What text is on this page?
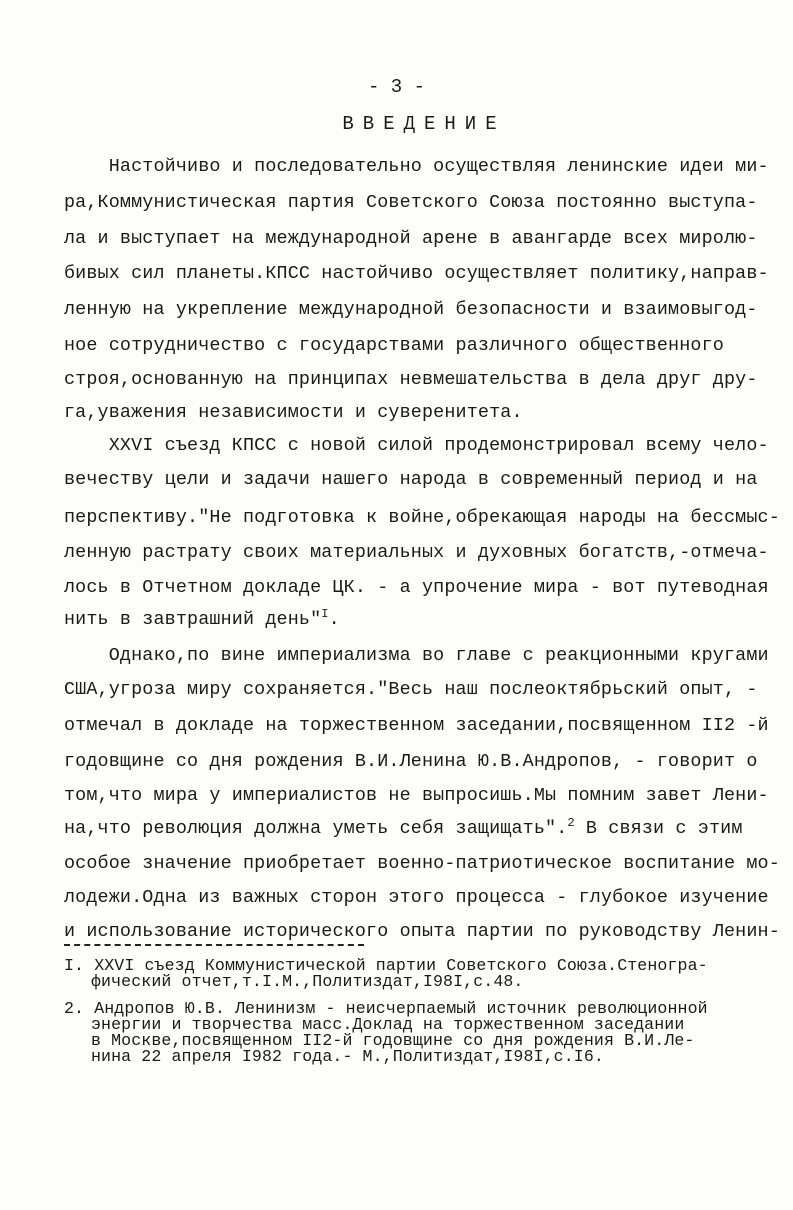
- 3 -
ВВЕДЕНИЕ
Настойчиво и последовательно осуществляя ленинские идеи ми-
ра,Коммунистическая партия Советского Союза постоянно выступа-
ла и выступает на международной арене в авангарде всех миролю-
бивых сил планеты.КПСС настойчиво осуществляет политику,направ-
ленную на укрепление международной безопасности и взаимовыгод-
ное сотрудничество с государствами различного общественного
строя,основанную на принципах невмешательства в дела друг дру-
га,уважения независимости и суверенитета.
XXVI съезд КПСС с новой силой продемонстрировал всему чело-
вечеству цели и задачи нашего народа в современный период и на
перспективу."Не подготовка к войне,обрекающая народы на бессмыс-
ленную растрату своих материальных и духовных богатств,-отмеча-
лось в Отчетном докладе ЦК. - а упрочение мира - вот путеводная
нить в завтрашний день"$^I$.
Однако,по вине империализма во главе с реакционными кругами
США,угроза миру сохраняется."Весь наш послеоктябрьский опыт, -
отмечал в докладе на торжественном заседании,посвященном II2 -й
годовщине со дня рождения В.И.Ленина Ю.В.Андропов, - говорит о
том,что мира у империалистов не выпросишь.Мы помним завет Лени-
на,что революция должна уметь себя защищать".$^2$ В связи с этим
особое значение приобретает военно-патриотическое воспитание мо-
лодежи.Одна из важных сторон этого процесса - глубокое изучение
и использование исторического опыта партии по руководству Ленин-
I. XXVI съезд Коммунистической партии Советского Союза.Стеногра-
фический отчет,т.I.М.,Политиздат,I98I,с.48.
2. Андропов Ю.В. Ленинизм - неисчерпаемый источник революционной
энергии и творчества масс.Доклад на торжественном заседании
в Москве,посвященном II2-й годовщине со дня рождения В.И.Ле-
нина 22 апреля I982 года.- М.,Политиздат,I98I,с.I6.
